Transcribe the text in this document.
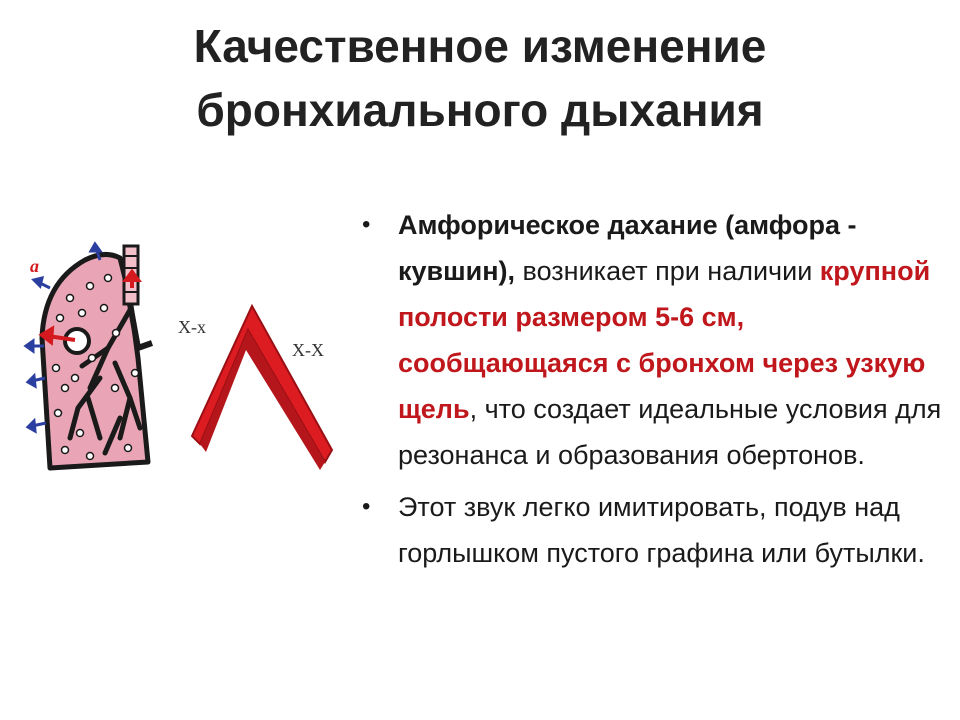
Качественное изменение
бронхиального дыхания
а
Х-х
Х-Х

• Амфорическое дахание (амфора - кувшин), возникает при наличии крупной полости размером 5-6 см, сообщающаяся с бронхом через узкую щель, что создает идеальные условия для резонанса и образования обертонов.

• Этот звук легко имитировать, подув над горлышком пустого графина или бутылки.
